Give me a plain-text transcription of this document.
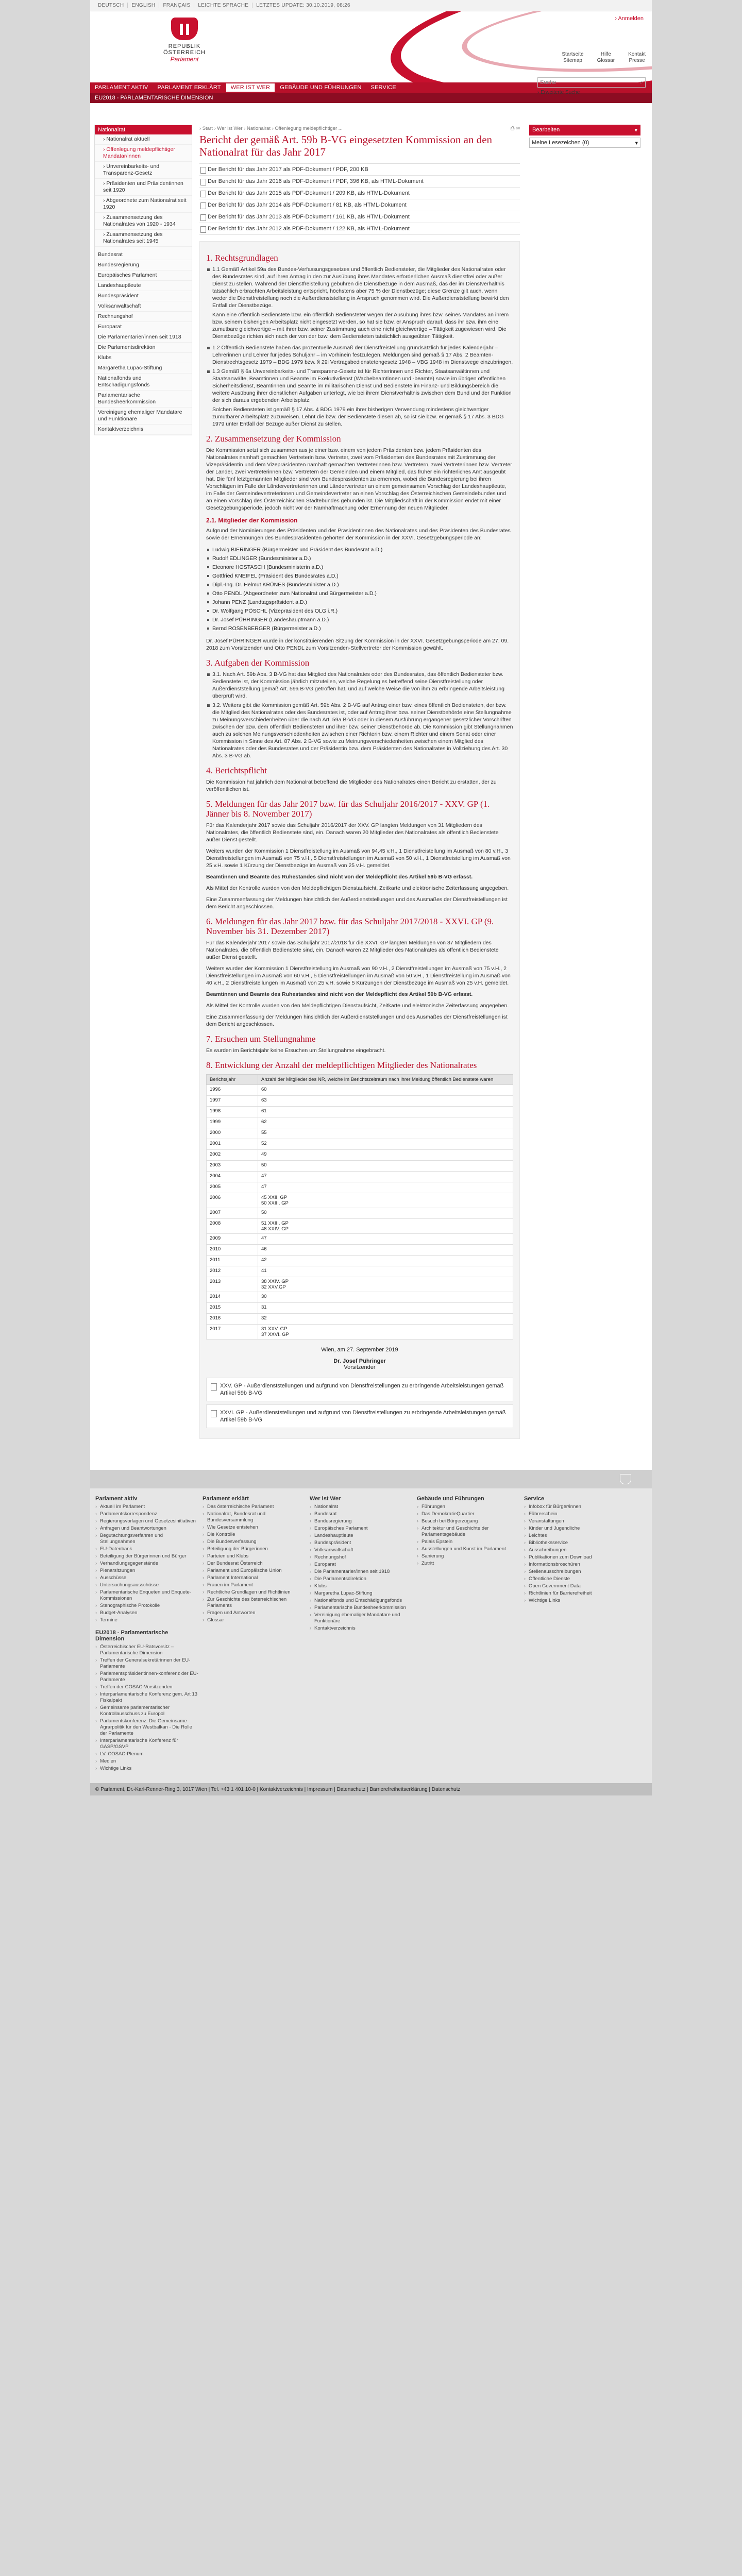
DEUTSCH	ENGLISH	FRANÇAIS	LEICHTE SPRACHE	LETZTES UPDATE: 30.10.2019, 08:26
REPUBLIK ÖSTERREICH
Parlament
› Anmelden
PARLAMENT AKTIV	PARLAMENT ERKLÄRT	WER IST WER	GEBÄUDE UND FÜHRUNGEN	SERVICE
EU2018 - PARLAMENTARISCHE DIMENSION
Startseite
Sitemap
Hilfe
Glossar
Kontakt
Presse
Suche	⌕
› Erweiterte Suche
Nationalrat
› Nationalrat aktuell
› Offenlegung meldepflichtiger Mandatar/innen
› Unvereinbarkeits- und Transparenz-Gesetz
› Präsidenten und Präsidentinnen seit 1920
› Abgeordnete zum Nationalrat seit 1920
› Zusammensetzung des Nationalrates von 1920 - 1934
› Zusammensetzung des Nationalrates seit 1945
Bundesrat
Bundesregierung
Europäisches Parlament
Landeshauptleute
Bundespräsident
Volksanwaltschaft
Rechnungshof
Europarat
Die Parlamentarier/innen seit 1918
Die Parlamentsdirektion
Klubs
Margaretha Lupac-Stiftung
Nationalfonds und Entschädigungsfonds
Parlamentarische Bundesheerkommission
Vereinigung ehemaliger Mandatare und Funktionäre
Kontaktverzeichnis
› Start › Wer ist Wer › Nationalrat › Offenlegung meldepflichtiger ...	⎙ ✉
Bericht der gemäß Art. 59b B-VG eingesetzten Kommission an den Nationalrat für das Jahr 2017
Der Bericht für das Jahr 2017 als PDF-Dokument / PDF, 200 KB
Der Bericht für das Jahr 2016 als PDF-Dokument / PDF, 396 KB, als HTML-Dokument
Der Bericht für das Jahr 2015 als PDF-Dokument / 209 KB, als HTML-Dokument
Der Bericht für das Jahr 2014 als PDF-Dokument / 81 KB, als HTML-Dokument
Der Bericht für das Jahr 2013 als PDF-Dokument / 161 KB, als HTML-Dokument
Der Bericht für das Jahr 2012 als PDF-Dokument / 122 KB, als HTML-Dokument
1. Rechtsgrundlagen
1.1 Gemäß Artikel 59a des Bundes-Verfassungsgesetzes und öffentlich Bediensteter, die Mitglieder des Nationalrates oder des Bundesrates sind, auf ihren Antrag in den zur Ausübung ihres Mandates erforderlichen Ausmaß dienstfrei oder außer Dienst zu stellen. Während der Dienstfreistellung gebühren die Dienstbezüge in dem Ausmaß, das der im Dienstverhältnis tatsächlich erbrachten Arbeitsleistung entspricht, höchstens aber 75 % der Dienstbezüge; diese Grenze gilt auch, wenn weder die Dienstfreistellung noch die Außerdienststellung in Anspruch genommen wird. Die Außerdienststellung bewirkt den Entfall der Dienstbezüge.

Kann eine öffentlich Bedienstete bzw. ein öffentlich Bediensteter wegen der Ausübung ihres bzw. seines Mandates an ihrem bzw. seinem bisherigen Arbeitsplatz nicht eingesetzt werden, so hat sie bzw. er Anspruch darauf, dass ihr bzw. ihm eine zumutbare gleichwertige – mit ihrer bzw. seiner Zustimmung auch eine nicht gleichwertige – Tätigkeit zugewiesen wird. Die Dienstbezüge richten sich nach der von der bzw. dem Bediensteten tatsächlich ausgeübten Tätigkeit.

1.2 Öffentlich Bedienstete haben das prozentuelle Ausmaß der Dienstfreistellung grundsätzlich für jedes Kalenderjahr – Lehrerinnen und Lehrer für jedes Schuljahr – im Vorhinein festzulegen. Meldungen sind gemäß § 17 Abs. 2 Beamten-Dienstrechtsgesetz 1979 – BDG 1979 bzw. § 29i Vertragsbedienstetengesetz 1948 – VBG 1948 im Dienstwege einzubringen.
1.3 Gemäß § 6a Unvereinbarkeits- und Transparenz-Gesetz ist für Richterinnen und Richter, Staatsanwältinnen und Staatsanwälte, Beamtinnen und Beamte im Exekutivdienst (Wachebeamtinnen und -beamte) sowie im übrigen öffentlichen Sicherheitsdienst, Beamtinnen und Beamte im militärischen Dienst und Bedienstete im Finanz- und Bildungsbereich die weitere Ausübung ihrer dienstlichen Aufgaben unterlegt, wie bei ihrem Dienstverhältnis zwischen dem Bund und der Funktion der sich daraus ergebenden Arbeitsplatz.

Solchen Bediensteten ist gemäß § 17 Abs. 4 BDG 1979 ein ihrer bisherigen Verwendung mindestens gleichwertiger zumutbarer Arbeitsplatz zuzuweisen. Lehnt die bzw. der Bedienstete diesen ab, so ist sie bzw. er gemäß § 17 Abs. 3 BDG 1979 unter Entfall der Bezüge außer Dienst zu stellen.

2. Zusammensetzung der Kommission

Die Kommission setzt sich zusammen aus je einer bzw. einem von jedem Präsidenten bzw. jedem Präsidenten des Nationalrates namhaft gemachten Vertreterin bzw. Vertreter, zwei vom Präsidenten des Bundesrates mit Zustimmung der Vizepräsidentin und dem Vizepräsidenten namhaft gemachten Vertreterinnen bzw. Vertretern, zwei Vertreterinnen bzw. Vertreter der Länder, zwei Vertreterinnen bzw. Vertretern der Gemeinden und einem Mitglied, das früher ein richterliches Amt ausgeübt hat. Die fünf letztgenannten Mitglieder sind vom Bundespräsidenten zu ernennen, wobei die Bundesregierung bei ihren Vorschlägen im Falle der Ländervertreterinnen und Ländervertreter an einem gemeinsamen Vorschlag der Landeshauptleute, im Falle der Gemeindevertreterinnen und Gemeindevertreter an einen Vorschlag des Österreichischen Gemeindebundes und an einen Vorschlag des Österreichischen Städtebundes gebunden ist. Die Mitgliedschaft in der Kommission endet mit einer Gesetzgebungsperiode, jedoch nicht vor der Namhaftmachung oder Ernennung der neuen Mitglieder.

2.1. Mitglieder der Kommission

Aufgrund der Nominierungen des Präsidenten und der Präsidentinnen des Nationalrates und des Präsidenten des Bundesrates sowie der Ernennungen des Bundespräsidenten gehörten der Kommission in der XXVI. Gesetzgebungsperiode an:

Ludwig BIERINGER (Bürgermeister und Präsident des Bundesrat a.D.)
Rudolf EDLINGER (Bundesminister a.D.)
Eleonore HOSTASCH (Bundesministerin a.D.)
Gottfried KNEIFEL (Präsident des Bundesrates a.D.)
Dipl.-Ing. Dr. Helmut KRÜNES (Bundesminister a.D.)
Otto PENDL (Abgeordneter zum Nationalrat und Bürgermeister a.D.)
Johann PENZ (Landtagspräsident a.D.)
Dr. Wolfgang PÖSCHL (Vizepräsident des OLG i.R.)
Dr. Josef PÜHRINGER (Landeshauptmann a.D.)
Bernd ROSENBERGER (Bürgermeister a.D.)

Dr. Josef PÜHRINGER wurde in der konstituierenden Sitzung der Kommission in der XXVI. Gesetzgebungsperiode am 27. 09. 2018 zum Vorsitzenden und Otto PENDL zum Vorsitzenden-Stellvertreter der Kommission gewählt.

3. Aufgaben der Kommission
3.1. Nach Art. 59b Abs. 3 B-VG hat das Mitglied des Nationalrates oder des Bundesrates, das öffentlich Bediensteter bzw. Bedienstete ist, der Kommission jährlich mitzuteilen, welche Regelung es betreffend seine Dienstfreistellung oder Außerdienststellung gemäß Art. 59a B-VG getroffen hat, und auf welche Weise die von ihm zu erbringende Arbeitsleistung überprüft wird.
3.2. Weiters gibt die Kommission gemäß Art. 59b Abs. 2 B-VG auf Antrag einer bzw. eines öffentlich Bediensteten, der bzw. die Mitglied des Nationalrates oder des Bundesrates ist, oder auf Antrag ihrer bzw. seiner Dienstbehörde eine Stellungnahme zu Meinungsverschiedenheiten über die nach Art. 59a B-VG oder in diesem Ausführung ergangener gesetzlicher Vorschriften zwischen der bzw. dem öffentlich Bediensteten und ihrer bzw. seiner Dienstbehörde ab. Die Kommission gibt Stellungnahmen auch zu solchen Meinungsverschiedenheiten zwischen einer Richterin bzw. einem Richter und einem Senat oder einer Kommission in Sinne des Art. 87 Abs. 2 B-VG sowie zu Meinungsverschiedenheiten zwischen einem Mitglied des Nationalrates oder des Bundesrates und der Präsidentin bzw. dem Präsidenten des Nationalrates in Vollziehung des Art. 30 Abs. 3 B-VG ab.
4. Berichtspflicht

Die Kommission hat jährlich dem Nationalrat betreffend die Mitglieder des Nationalrates einen Bericht zu erstatten, der zu veröffentlichen ist.

5. Meldungen für das Jahr 2017 bzw. für das Schuljahr 2016/2017 - XXV. GP (1. Jänner bis 8. November 2017)

Für das Kalenderjahr 2017 sowie das Schuljahr 2016/2017 der XXV. GP langten Meldungen von 31 Mitgliedern des Nationalrates, die öffentlich Bedienstete sind, ein. Danach waren 20 Mitglieder des Nationalrates als öffentlich Bedienstete außer Dienst gestellt.

Weiters wurden der Kommission 1 Dienstfreistellung im Ausmaß von 94,45 v.H., 1 Dienstfreistellung im Ausmaß von 80 v.H., 3 Dienstfreistellungen im Ausmaß von 75 v.H., 5 Dienstfreistellungen im Ausmaß von 50 v.H., 1 Dienstfreistellung im Ausmaß von 25 v.H. sowie 1 Kürzung der Dienstbezüge im Ausmaß von 25 v.H. gemeldet.

Beamtinnen und Beamte des Ruhestandes sind nicht von der Meldepflicht des Artikel 59b B-VG erfasst.

Als Mittel der Kontrolle wurden von den Meldepflichtigen Dienstaufsicht, Zeitkarte und elektronische Zeiterfassung angegeben.

Eine Zusammenfassung der Meldungen hinsichtlich der Außerdienststellungen und des Ausmaßes der Dienstfreistellungen ist dem Bericht angeschlossen.

6. Meldungen für das Jahr 2017 bzw. für das Schuljahr 2017/2018 - XXVI. GP (9. November bis 31. Dezember 2017)

Für das Kalenderjahr 2017 sowie das Schuljahr 2017/2018 für die XXVI. GP langten Meldungen von 37 Mitgliedern des Nationalrates, die öffentlich Bedienstete sind, ein. Danach waren 22 Mitglieder des Nationalrates als öffentlich Bedienstete außer Dienst gestellt.

Weiters wurden der Kommission 1 Dienstfreistellung im Ausmaß von 90 v.H., 2 Dienstfreistellungen im Ausmaß von 75 v.H., 2 Dienstfreistellungen im Ausmaß von 60 v.H., 5 Dienstfreistellungen im Ausmaß von 50 v.H., 1 Dienstfreistellung im Ausmaß von 40 v.H., 2 Dienstfreistellungen im Ausmaß von 25 v.H. sowie 5 Kürzungen der Dienstbezüge im Ausmaß von 25 v.H. gemeldet.

Beamtinnen und Beamte des Ruhestandes sind nicht von der Meldepflicht des Artikel 59b B-VG erfasst.

Als Mittel der Kontrolle wurden von den Meldepflichtigen Dienstaufsicht, Zeitkarte und elektronische Zeiterfassung angegeben.

Eine Zusammenfassung der Meldungen hinsichtlich der Außerdienststellungen und des Ausmaßes der Dienstfreistellungen ist dem Bericht angeschlossen.

7. Ersuchen um Stellungnahme

Es wurden im Berichtsjahr keine Ersuchen um Stellungnahme eingebracht.

8. Entwicklung der Anzahl der meldepflichtigen Mitglieder des Nationalrates
Berichtsjahr	Anzahl der Mitglieder des NR, welche im Berichtszeitraum nach ihrer Meldung öffentlich Bedienstete waren
1996	60
1997	63
1998	61
1999	62
2000	55
2001	52
2002	49
2003	50
2004	47
2005	47
2006	45 XXII. GP
50 XXIII. GP
2007	50
2008	51 XXIII. GP
48 XXIV. GP
2009	47
2010	46
2011	42
2012	41
2013	38 XXIV. GP
32 XXV.GP
2014	30
2015	31
2016	32
2017	31 XXV. GP
37 XXVI. GP
Wien, am 27. September 2019
Dr. Josef Pühringer
Vorsitzender
XXV. GP - Außerdienststellungen und aufgrund von Dienstfreistellungen zu erbringende Arbeitsleistungen gemäß Artikel 59b B-VG
XXVI. GP - Außerdienststellungen und aufgrund von Dienstfreistellungen zu erbringende Arbeitsleistungen gemäß Artikel 59b B-VG
Bearbeiten	▾
Meine Lesezeichen (0)	▾
Parlament aktiv
› Aktuell im Parlament
› Parlamentskorrespondenz
› Regierungsvorlagen und Gesetzesinitiativen
› Anfragen und Beantwortungen
› Begutachtungsverfahren und Stellungnahmen
› EU-Datenbank
› Beteiligung der Bürgerinnen und Bürger
› Verhandlungsgegenstände
› Plenarsitzungen
› Ausschüsse
› Untersuchungsausschüsse
› Parlamentarische Enqueten und Enquete-Kommissionen
› Stenographische Protokolle
› Budget-Analysen
› Termine
EU2018 - Parlamentarische Dimension
› Österreichischer EU-Ratsvorsitz – Parlamentarische Dimension
› Treffen der Generalsekretärinnen der EU-Parlamente
› Parlamentspräsidentinnen-konferenz der EU-Parlamente
› Treffen der COSAC-Vorsitzenden
› Interparlamentarische Konferenz gem. Art 13 Fiskalpakt
› Gemeinsame parlamentarischer Kontrollausschuss zu Europol
› Parlamentskonferenz: Die Gemeinsame Agrarpolitik für den Westbalkan - Die Rolle der Parlamente
› Interparlamentarische Konferenz für GASP/GSVP
› LV. COSAC-Plenum
› Medien
› Wichtige Links
Parlament erklärt
› Das österreichische Parlament
› Nationalrat, Bundesrat und Bundesversammlung
› Wie Gesetze entstehen
› Die Kontrolle
› Die Bundesverfassung
› Beteiligung der Bürgerinnen
› Parteien und Klubs
› Der Bundesrat Österreich
› Parlament und Europäische Union
› Parlament International
› Frauen im Parlament
› Rechtliche Grundlagen und Richtlinien
› Zur Geschichte des österreichischen Parlaments
› Fragen und Antworten
› Glossar
Wer ist Wer
› Nationalrat
› Bundesrat
› Bundesregierung
› Europäisches Parlament
› Landeshauptleute
› Bundespräsident
› Volksanwaltschaft
› Rechnungshof
› Europarat
› Die Parlamentarier/innen seit 1918
› Die Parlamentsdirektion
› Klubs
› Margaretha Lupac-Stiftung
› Nationalfonds und Entschädigungsfonds
› Parlamentarische Bundesheerkommission
› Vereinigung ehemaliger Mandatare und Funktionäre
› Kontaktverzeichnis
Gebäude und Führungen
› Führungen
› Das DemokratieQuartier
› Besuch bei Bürgerzugang
› Architektur und Geschichte der Parlamentsgebäude
› Palais Epstein
› Ausstellungen und Kunst im Parlament
› Sanierung
› Zutritt
Service
› Infobox für Bürger/innen
› Führerschein
› Veranstaltungen
› Kinder und Jugendliche
› Leichtes
› Bibliotheksservice
› Ausschreibungen
› Publikationen zum Download
› Informationsbroschüren
› Stellenausschreibungen
› Öffentliche Dienste
› Open Government Data
› Richtlinien für Barrierefreiheit
› Wichtige Links
© Parlament, Dr.-Karl-Renner-Ring 3, 1017 Wien | Tel. +43 1 401 10-0 | Kontaktverzeichnis | Impressum | Datenschutz | Barrierefreiheitserklärung | Datenschutz
